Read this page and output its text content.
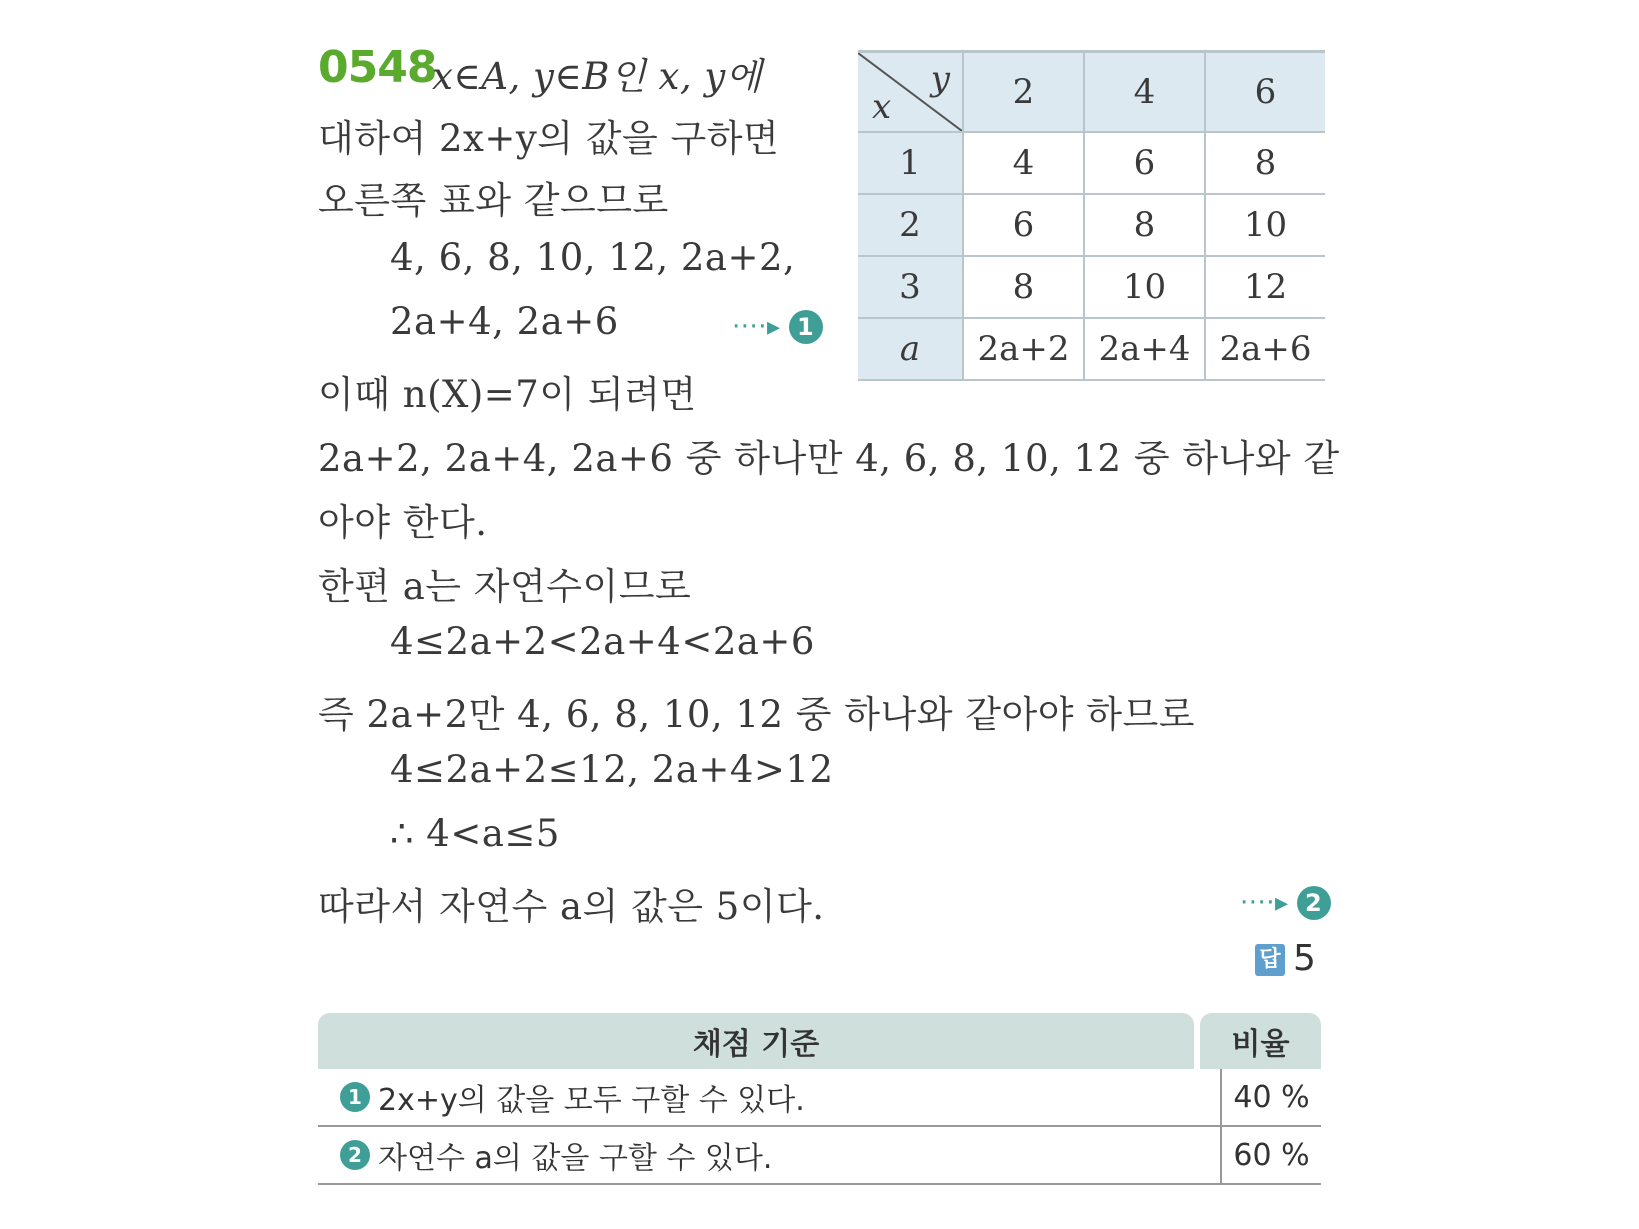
0548
x∈A, y∈B인 x, y에
대하여 2x+y의 값을 구하면
오른쪽 표와 같으므로
4, 6, 8, 10, 12, 2a+2,
2a+4, 2a+6	····▸ 1
이때 n(X)=7이 되려면
2a+2, 2a+4, 2a+6 중 하나만 4, 6, 8, 10, 12 중 하나와 같
아야 한다.
한편 a는 자연수이므로
4≤2a+2<2a+4<2a+6
즉 2a+2만 4, 6, 8, 10, 12 중 하나와 같아야 하므로
4≤2a+2≤12, 2a+4>12
∴ 4<a≤5
따라서 자연수 a의 값은 5이다.	····▸ 2
y
x	2	4	6
1	4	6	8
2	6	8	10
3	8	10	12
a	2a+2	2a+4	2a+6
답 5
채점 기준	비율
1 2x+y의 값을 모두 구할 수 있다.	40 %
2 자연수 a의 값을 구할 수 있다.	60 %
